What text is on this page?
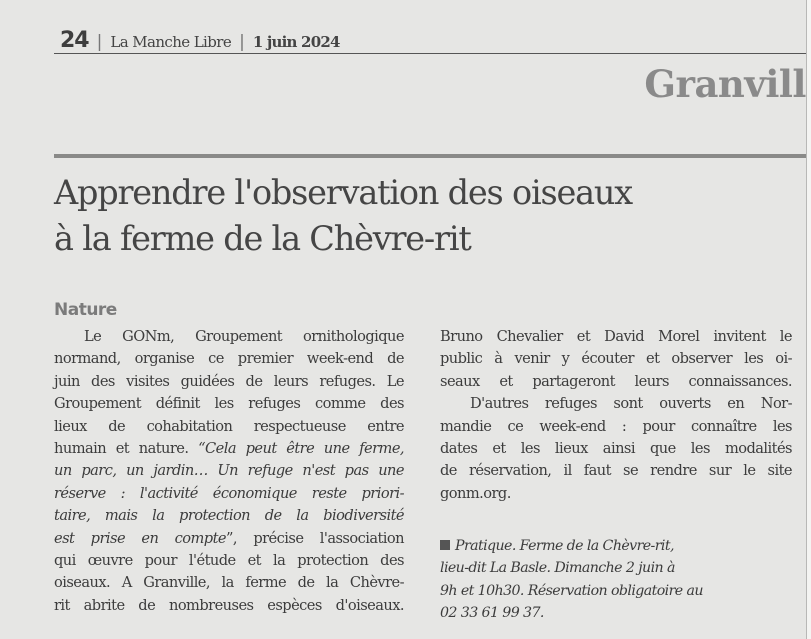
24 | La Manche Libre | 1 juin 2024
Granvill
Apprendre l'observation des oiseaux
à la ferme de la Chèvre-rit
Nature

Le GONm, Groupement ornithologique

normand, organise ce premier week-end de
juin des visites guidées de leurs refuges. Le
Groupement définit les refuges comme des
lieux de cohabitation respectueuse entre
humain et nature. “Cela peut être une ferme,
un parc, un jardin… Un refuge n'est pas une
réserve : l'activité économique reste priori-
taire, mais la protection de la biodiversité
est prise en compte”, précise l'association
qui œuvre pour l'étude et la protection des
oiseaux. A Granville, la ferme de la Chèvre-
rit abrite de nombreuses espèces d'oiseaux.
Bruno Chevalier et David Morel invitent le
public à venir y écouter et observer les oi-
seaux et partageront leurs connaissances.

D'autres refuges sont ouverts en Nor-

mandie ce week-end : pour connaître les
dates et les lieux ainsi que les modalités
de réservation, il faut se rendre sur le site
gonm.org.
Pratique. Ferme de la Chèvre-rit,
lieu-dit La Basle. Dimanche 2 juin à
9h et 10h30. Réservation obligatoire au
02 33 61 99 37.
